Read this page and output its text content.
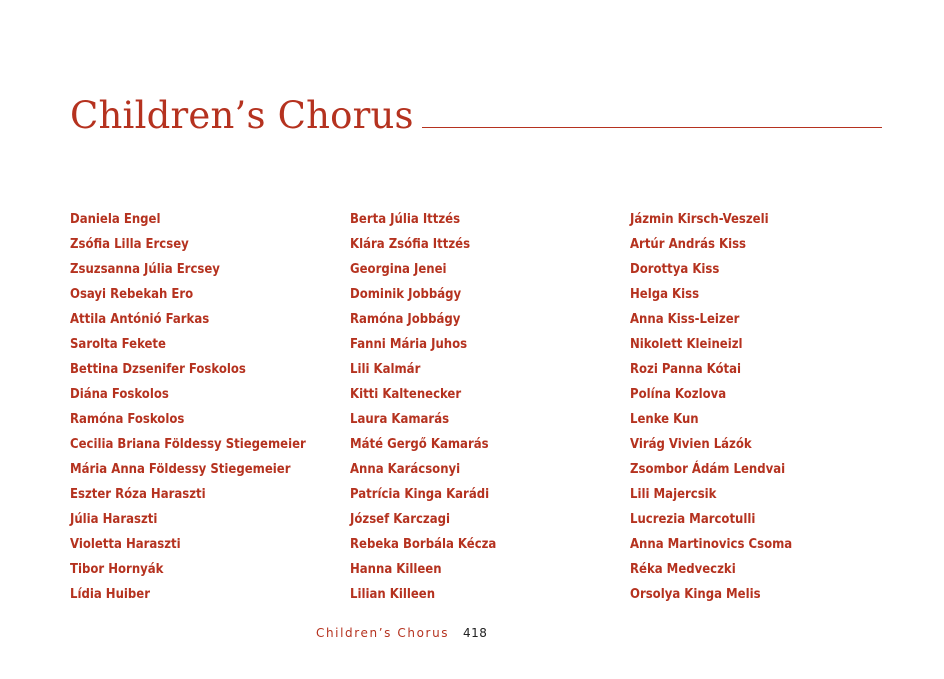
Children’s Chorus
Daniela Engel
Zsófia Lilla Ercsey
Zsuzsanna Júlia Ercsey
Osayi Rebekah Ero
Attila Antónió Farkas
Sarolta Fekete
Bettina Dzsenifer Foskolos
Diána Foskolos
Ramóna Foskolos
Cecilia Briana Földessy Stiegemeier
Mária Anna Földessy Stiegemeier
Eszter Róza Haraszti
Júlia Haraszti
Violetta Haraszti
Tibor Hornyák
Lídia Huiber
Berta Júlia Ittzés
Klára Zsófia Ittzés
Georgina Jenei
Dominik Jobbágy
Ramóna Jobbágy
Fanni Mária Juhos
Lili Kalmár
Kitti Kaltenecker
Laura Kamarás
Máté Gergő Kamarás
Anna Karácsonyi
Patrícia Kinga Karádi
József Karczagi
Rebeka Borbála Kécza
Hanna Killeen
Lilian Killeen
Jázmin Kirsch-Veszeli
Artúr András Kiss
Dorottya Kiss
Helga Kiss
Anna Kiss-Leizer
Nikolett Kleineizl
Rozi Panna Kótai
Polína Kozlova
Lenke Kun
Virág Vivien Lázók
Zsombor Ádám Lendvai
Lili Majercsik
Lucrezia Marcotulli
Anna Martinovics Csoma
Réka Medveczki
Orsolya Kinga Melis
Children’s Chorus 418
